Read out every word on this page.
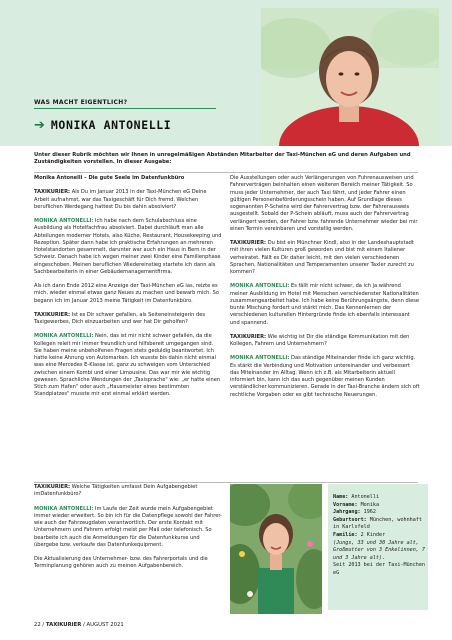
WAS MACHT EIGENTLICH?
➔ MONIKA ANTONELLI
Unter dieser Rubrik möchten wir Ihnen in unregelmäßigen Abständen Mitarbeiter der Taxi-München eG und deren Aufgaben und Zuständigkeiten vorstellen. In dieser Ausgabe:

Monika Antonelli – Die gute Seele im Datenfunkbüro

TAXIKURIER: Als Du im Januar 2013 in der Taxi-München eG Deine Arbeit aufnahmst, war das Taxigeschäft für Dich fremd. Welchen beruflichen Werdegang hattest Du bis dahin absolviert?

MONIKA ANTONELLI: Ich habe nach dem Schulabschluss eine Ausbildung als Hotelfachfrau absolviert. Dabei durchläuft man alle Abteilungen moderner Hotels, also Küche, Restaurant, Housekeeping und Rezeption. Später dann habe ich praktische Erfahrungen an mehreren Hotelstandorten gesammelt, darunter war auch ein Haus in Bern in der Schweiz. Danach habe ich wegen meiner zwei Kinder eine Familienphase eingeschoben. Meinen beruflichen Wiedereinstieg startete ich dann als Sachbearbeiterin in einer Gebäudemanagementfirma.

Als ich dann Ende 2012 eine Anzeige der Taxi-München eG las, reizte es mich, wieder einmal etwas ganz Neues zu machen und bewarb mich. So begann ich im Januar 2013 meine Tätigkeit im Datenfunkbüro.

TAXIKURIER: Ist es Dir schwer gefallen, als Seiteneinsteigerin des Taxigewerbes, Dich einzuarbeiten und wer hat Dir geholfen?

MONIKA ANTONELLI: Nein, das ist mir nicht schwer gefallen, da die Kollegen releit mir immer freundlich und hilfsbereit umgegangen sind. Sie haben meine unbeholfenen Fragen stets geduldig beantwortet. Ich hatte keine Ahnung von Automarken. Ich wusste bis dahin nicht einmal was eine Mercedes E-Klasse ist, ganz zu schweigen vom Unterschied zwischen einem Kombi und einer Limousine. Das war mir wie wichtig gewesen. Sprachliche Wendungen der „Taxisprache" wie: „er hatte einen Stich zum Hafen" oder auch „Hausmeister eines bestimmten Standplatzes" musste mir erst einmal erklärt werden.

Die Ausstellungen oder auch Verlängerungen von Fuhrenausweisen und Fahrerverträgen beinhalten einen weiteren Bereich meiner Tätigkeit. So muss jeder Unternehmer, der auch Taxi fährt, und jeder Fahrer einen gültigen Personenbeförderungsschein haben. Auf Grundlage dieses sogenannten P-Scheins wird der Fahrervertrag bzw. der Fahrerausweis ausgestellt. Sobald der P-Schein abläuft, muss auch der Fahrervertrag verlängert werden, der Fahrer bzw. fahrende Unternehmer wieder bei mir einen Termin vereinbaren und vorstellig werden.

TAXIKURIER: Du bist ein Münchner Kindl, also in der Landeshauptstadt mit ihren vielen Kulturen groß geworden und bist mit einem Italiener verheiratet. Fällt es Dir daher leicht, mit den vielen verschiedenen Sprachen, Nationalitäten und Temperamenten unserer Taxler zurecht zu kommen?

MONIKA ANTONELLI: Es fällt mir nicht schwer, da ich ja während meiner Ausbildung im Hotel mit Menschen verschiedenster Nationalitäten zusammengearbeitet habe. Ich habe keine Berührungsängste, denn diese bunte Mischung fordert und stärkt mich. Das Kennenlernen der verschiedenen kulturellen Hintergründe finde ich ebenfalls interessant und spannend.

TAXIKURIER: Wie wichtig ist Dir die ständige Kommunikation mit den Kollegen, Fahrern und Unternehmern?

MONIKA ANTONELLI: Das ständige Miteinander finde ich ganz wichtig. Es stärkt die Verbindung und Motivation untereinander und verbessert das Miteinander im Alltag. Wenn ich z.B. als Mitarbeiterin aktuell informiert bin, kann ich das auch gegenüber meinen Kunden verständlicher kommunizieren. Gerade in der Taxi-Branche ändern sich oft rechtliche Vorgaben oder es gibt technische Neuerungen.

TAXIKURIER: Welche Tätigkeiten umfasst Dein Aufgabengebiet imDatenfunkbüro?

MONIKA ANTONELLI: Im Laufe der Zeit wurde mein Aufgabengebiet immer wieder erweitert. So bin ich für die Datenpflege sowohl der Fahrer- wie auch der Fahrzeugdaten verantwortlich. Der erste Kontakt mit Unternehmern und Fahrern erfolgt meist per Mail oder telefonisch. So bearbeite ich auch die Anmeldungen für die Datenfunkkurse und übergebe bzw. verkaufe das Datenfunkequipment.

Die Aktualisierung des Unternehmer- bzw. des Fahrerportals und die Terminplanung gehören auch zu meinen Aufgabenbereich.

Name: Antonelli
Vorname: Monika
Jahrgang: 1962
Geburtsort: München, wohnhaft in Karlsfeld
Familie: 2 Kinder
(Jungs, 33 und 30 Jahre alt, Großmutter von 3 Enkelinnen, 7 und 3 Jahre alt).
Seit 2013 bei der Taxi-München eG
22 / TAXIKURIER / AUGUST 2021
